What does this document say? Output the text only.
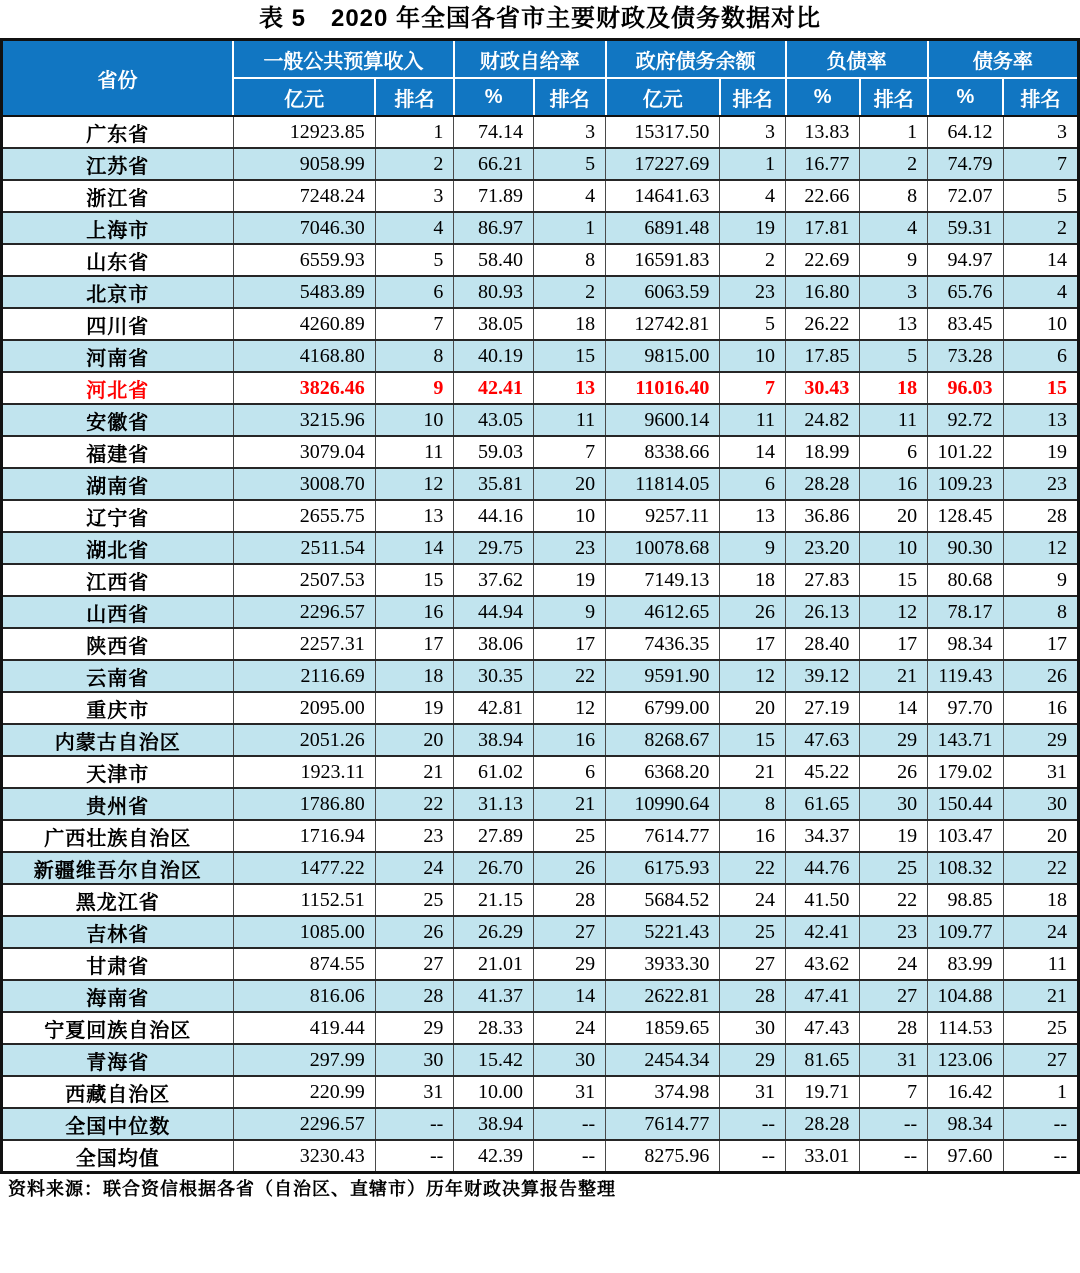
表 5　2020 年全国各省市主要财政及债务数据对比
省份	一般公共预算收入		财政自给率		政府债务余额		负债率		债务率	
	亿元	排名	%	排名	亿元	排名	%	排名	%	排名
广东省	12923.85	1	74.14	3	15317.50	3	13.83	1	64.12	3
江苏省	9058.99	2	66.21	5	17227.69	1	16.77	2	74.79	7
浙江省	7248.24	3	71.89	4	14641.63	4	22.66	8	72.07	5
上海市	7046.30	4	86.97	1	6891.48	19	17.81	4	59.31	2
山东省	6559.93	5	58.40	8	16591.83	2	22.69	9	94.97	14
北京市	5483.89	6	80.93	2	6063.59	23	16.80	3	65.76	4
四川省	4260.89	7	38.05	18	12742.81	5	26.22	13	83.45	10
河南省	4168.80	8	40.19	15	9815.00	10	17.85	5	73.28	6
河北省	3826.46	9	42.41	13	11016.40	7	30.43	18	96.03	15
安徽省	3215.96	10	43.05	11	9600.14	11	24.82	11	92.72	13
福建省	3079.04	11	59.03	7	8338.66	14	18.99	6	101.22	19
湖南省	3008.70	12	35.81	20	11814.05	6	28.28	16	109.23	23
辽宁省	2655.75	13	44.16	10	9257.11	13	36.86	20	128.45	28
湖北省	2511.54	14	29.75	23	10078.68	9	23.20	10	90.30	12
江西省	2507.53	15	37.62	19	7149.13	18	27.83	15	80.68	9
山西省	2296.57	16	44.94	9	4612.65	26	26.13	12	78.17	8
陕西省	2257.31	17	38.06	17	7436.35	17	28.40	17	98.34	17
云南省	2116.69	18	30.35	22	9591.90	12	39.12	21	119.43	26
重庆市	2095.00	19	42.81	12	6799.00	20	27.19	14	97.70	16
内蒙古自治区	2051.26	20	38.94	16	8268.67	15	47.63	29	143.71	29
天津市	1923.11	21	61.02	6	6368.20	21	45.22	26	179.02	31
贵州省	1786.80	22	31.13	21	10990.64	8	61.65	30	150.44	30
广西壮族自治区	1716.94	23	27.89	25	7614.77	16	34.37	19	103.47	20
新疆维吾尔自治区	1477.22	24	26.70	26	6175.93	22	44.76	25	108.32	22
黑龙江省	1152.51	25	21.15	28	5684.52	24	41.50	22	98.85	18
吉林省	1085.00	26	26.29	27	5221.43	25	42.41	23	109.77	24
甘肃省	874.55	27	21.01	29	3933.30	27	43.62	24	83.99	11
海南省	816.06	28	41.37	14	2622.81	28	47.41	27	104.88	21
宁夏回族自治区	419.44	29	28.33	24	1859.65	30	47.43	28	114.53	25
青海省	297.99	30	15.42	30	2454.34	29	81.65	31	123.06	27
西藏自治区	220.99	31	10.00	31	374.98	31	19.71	7	16.42	1
全国中位数	2296.57	--	38.94	--	7614.77	--	28.28	--	98.34	--
全国均值	3230.43	--	42.39	--	8275.96	--	33.01	--	97.60	--
资料来源：联合资信根据各省（自治区、直辖市）历年财政决算报告整理
